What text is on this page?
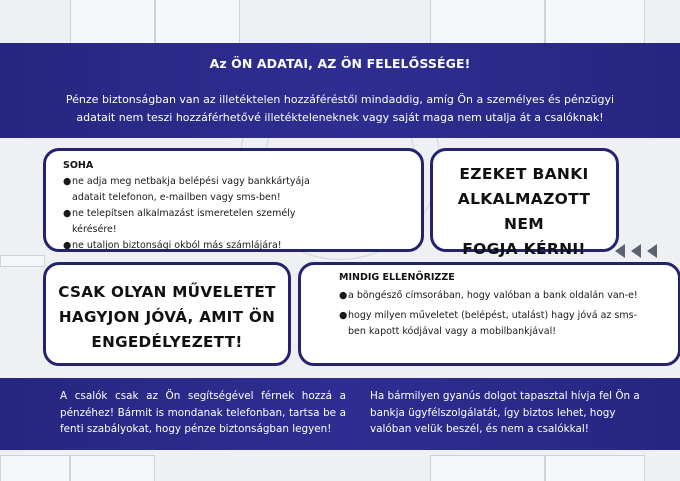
Az ÖN ADATAI, AZ ÖN FELELŐSSÉGE!
Pénze biztonságban van az illetéktelen hozzáféréstől mindaddig, amíg Ön a személyes és pénzügyi
adatait nem teszi hozzáférhetővé illetékteleneknek vagy saját maga nem utalja át a csalóknak!
SOHA
● ne adja meg netbakja belépési vagy bankkártyája adatait telefonon, e-mailben vagy sms-ben!
● ne telepítsen alkalmazást ismeretelen személy kérésére!
● ne utaljon biztonsági okból más számlájára!
EZEKET BANKI
ALKALMAZOTT NEM
FOGJA KÉRNI!
CSAK OLYAN MŰVELETET
HAGYJON JÓVÁ, AMIT ÖN
ENGEDÉLYEZETT!
MINDIG ELLENŐRIZZE
● a böngésző címsorában, hogy valóban a bank oldalán van-e!
● hogy milyen műveletet (belépést, utalást) hagy jóvá az sms-ben kapott kódjával vagy a mobilbankjával!
A csalók csak az Ön segítségével férnek hozzá a pénzéhez! Bármit is mondanak telefonban, tartsa be a fenti szabályokat, hogy pénze biztonságban legyen!
Ha bármilyen gyanús dolgot tapasztal hívja fel Ön a bankja ügyfélszolgálatát, így biztos lehet, hogy valóban velük beszél, és nem a csalókkal!
